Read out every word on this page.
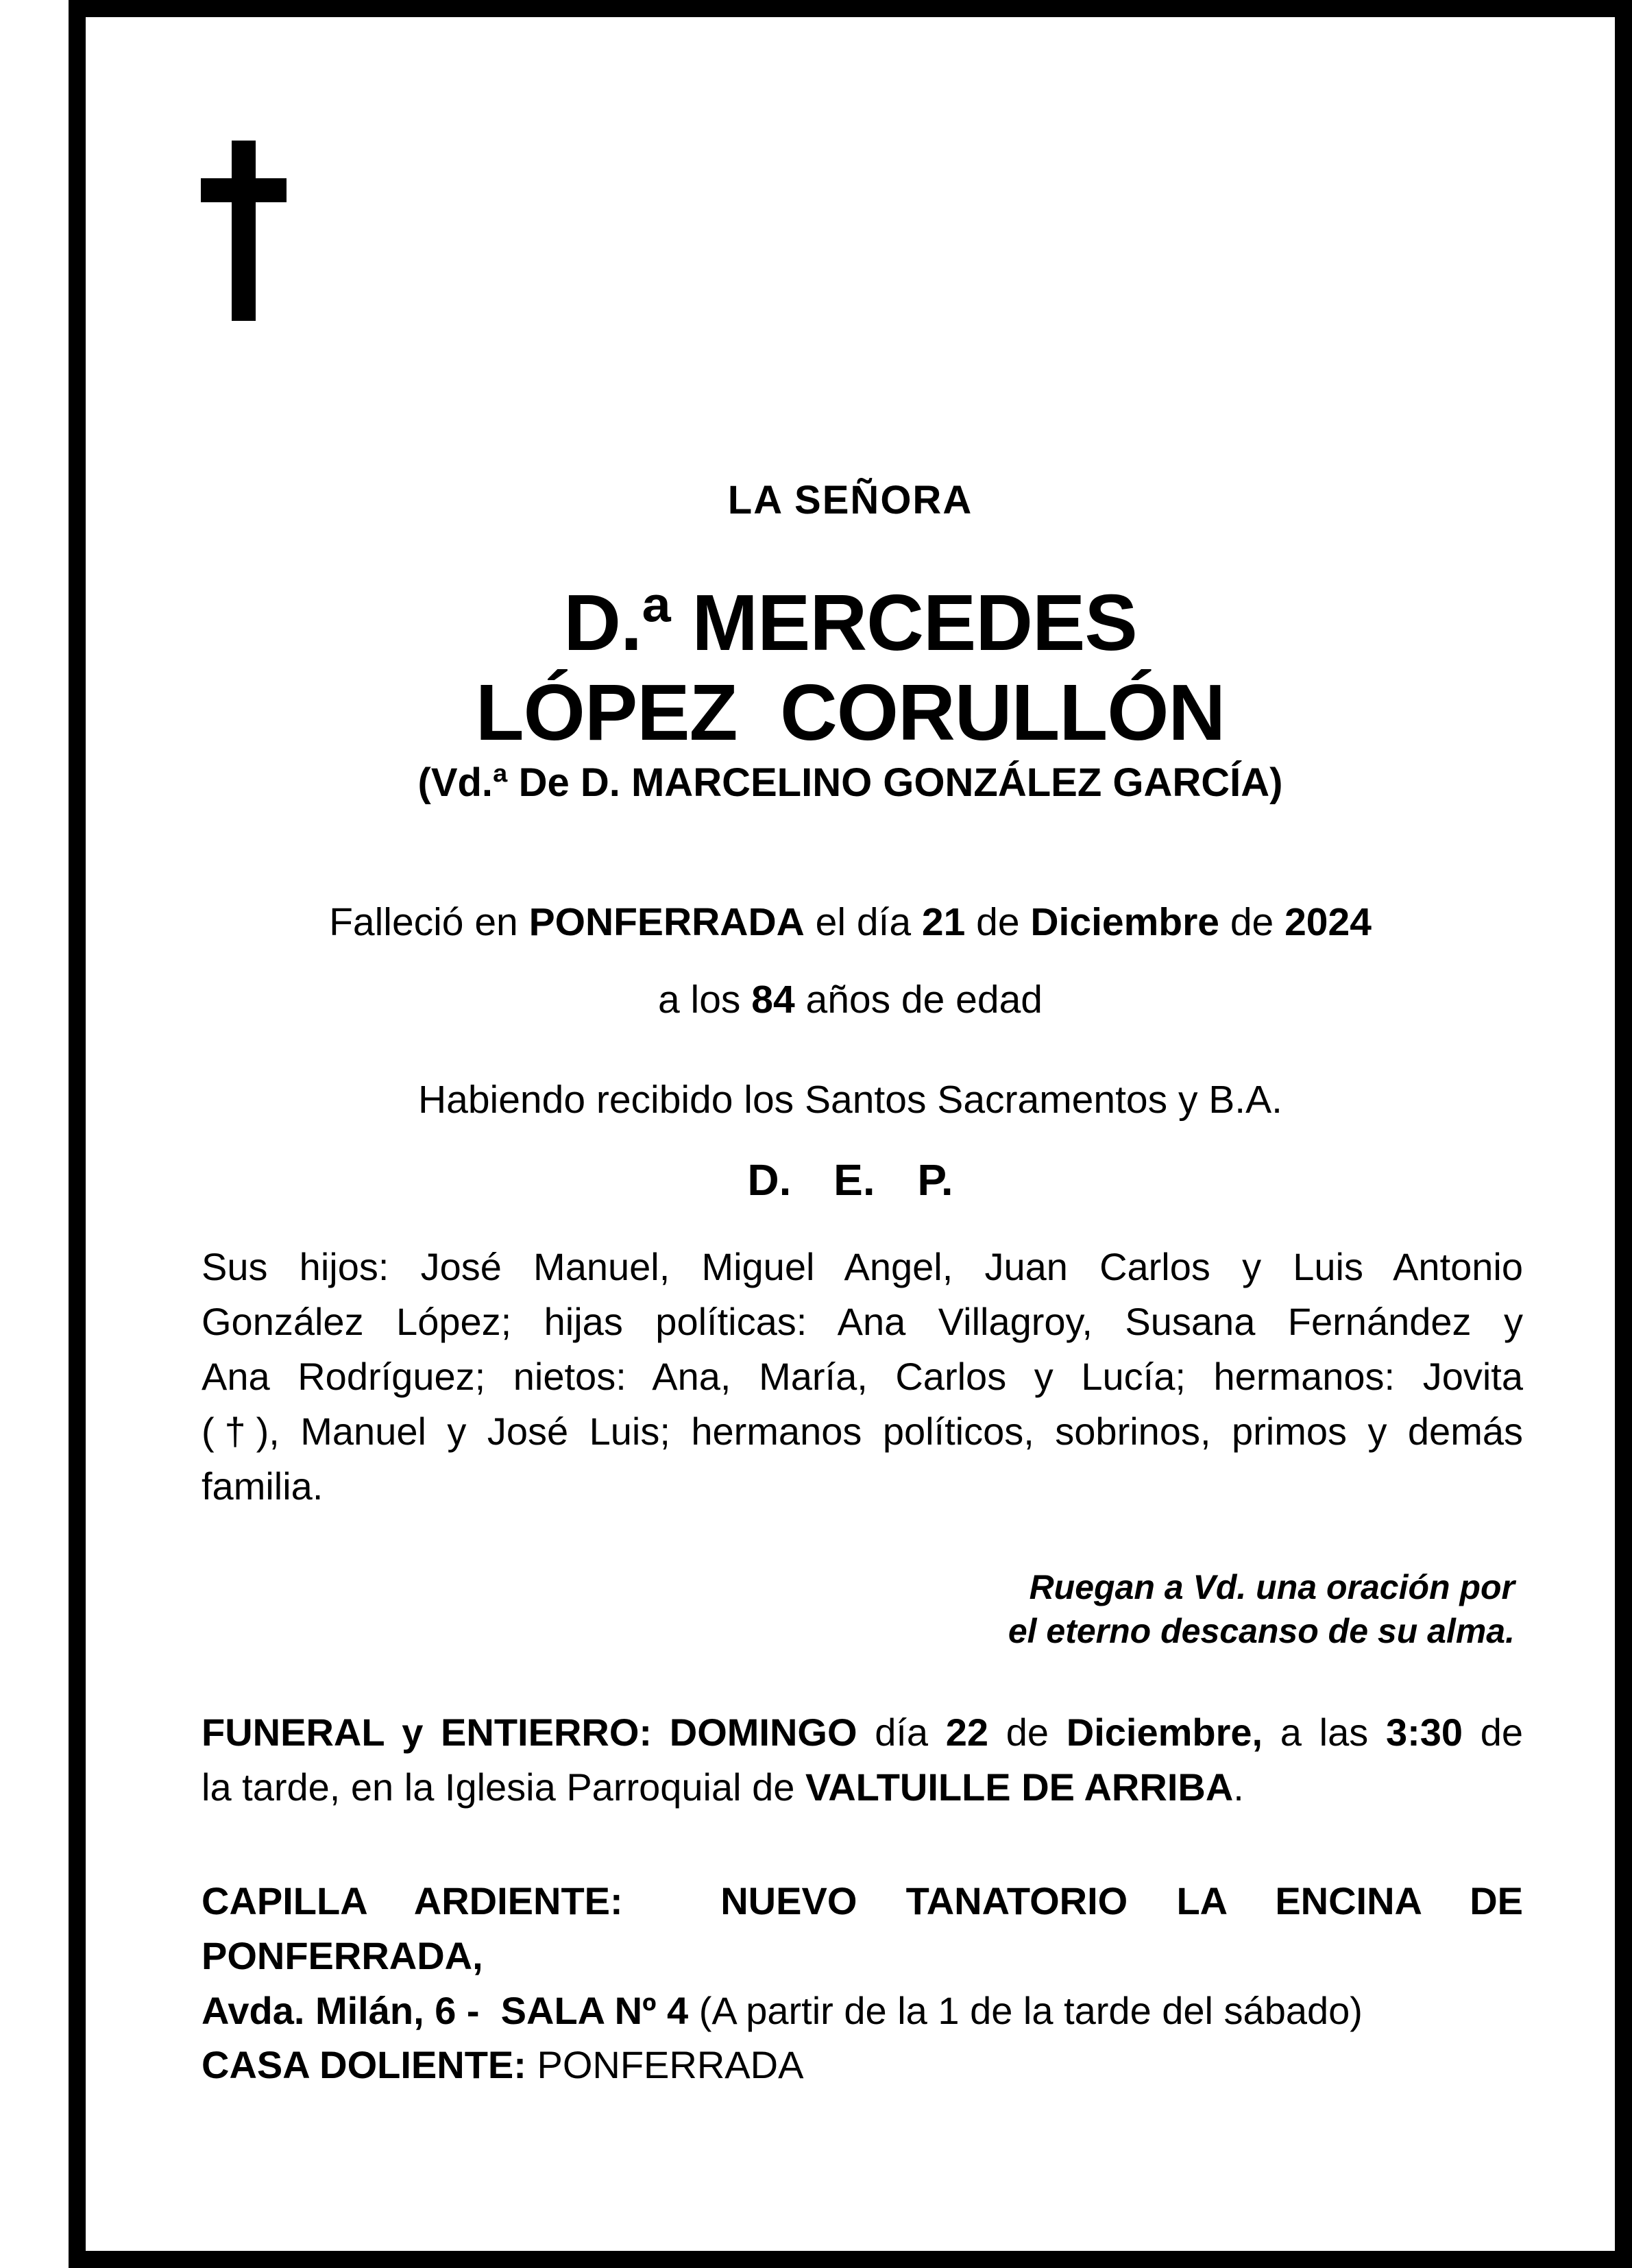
LA SEÑORA
D.ª MERCEDES
LÓPEZ  CORULLÓN
(Vd.ª De D. MARCELINO GONZÁLEZ GARCÍA)
Falleció en PONFERRADA el día 21 de Diciembre de 2024
a los 84 años de edad
Habiendo recibido los Santos Sacramentos y B.A.
D. E. P.
Sus hijos: José Manuel, Miguel Angel, Juan Carlos y Luis Antonio
González López; hijas políticas: Ana Villagroy, Susana Fernández y
Ana Rodríguez; nietos: Ana, María, Carlos y Lucía; hermanos: Jovita
(†), Manuel y José Luis; hermanos políticos, sobrinos, primos y demás
familia.
Ruegan a Vd. una oración por
el eterno descanso de su alma.
FUNERAL y ENTIERRO: DOMINGO día 22 de Diciembre, a las 3:30 de
la tarde, en la Iglesia Parroquial de VALTUILLE DE ARRIBA.
CAPILLA ARDIENTE:  NUEVO TANATORIO LA ENCINA DE PONFERRADA,
Avda. Milán, 6 -  SALA Nº 4 (A partir de la 1 de la tarde del sábado)
CASA DOLIENTE: PONFERRADA
